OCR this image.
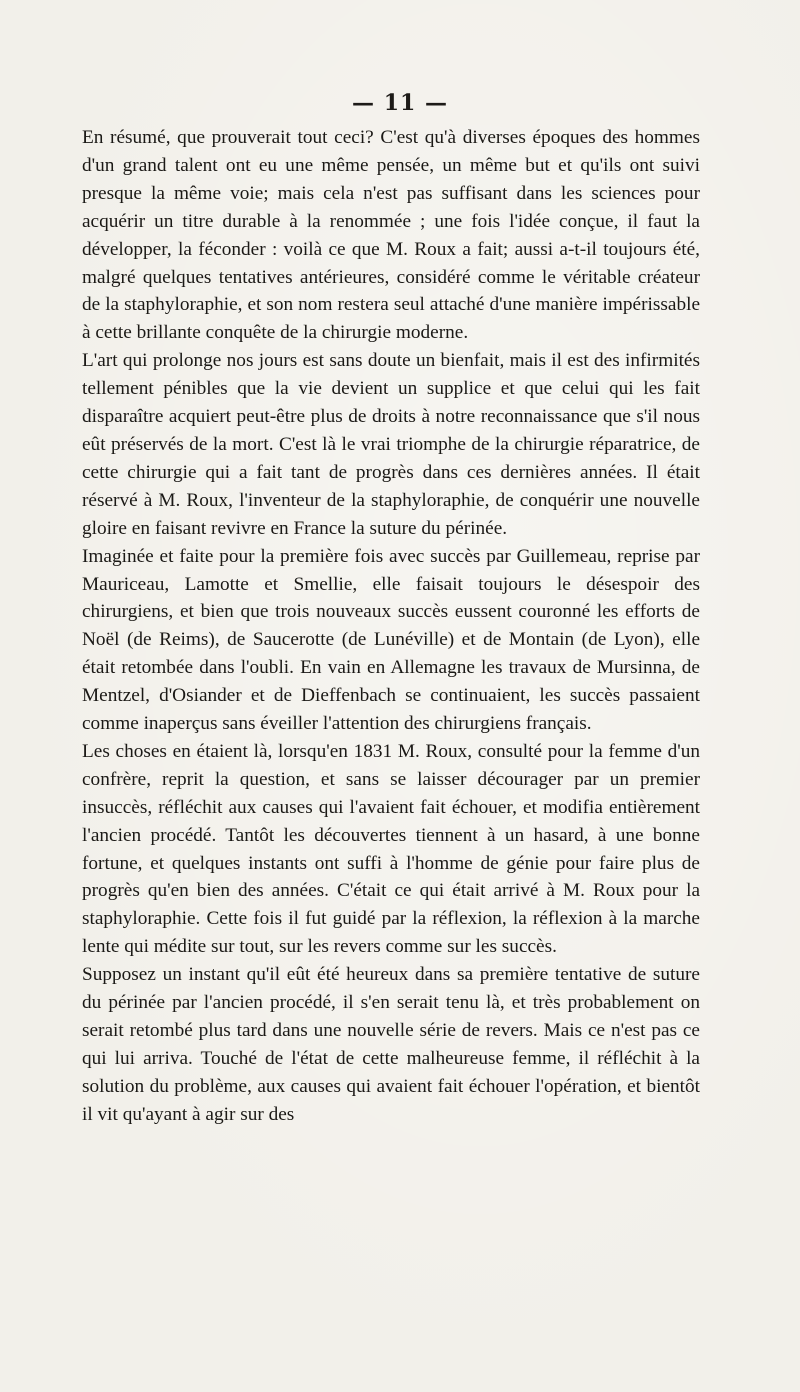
— 11 —

En résumé, que prouverait tout ceci? C'est qu'à diverses époques des hommes d'un grand talent ont eu une même pensée, un même but et qu'ils ont suivi presque la même voie; mais cela n'est pas suffisant dans les sciences pour acquérir un titre durable à la renommée ; une fois l'idée conçue, il faut la développer, la féconder : voilà ce que M. Roux a fait; aussi a-t-il toujours été, malgré quelques tentatives antérieures, considéré comme le véritable créateur de la staphyloraphie, et son nom restera seul attaché d'une manière impérissable à cette brillante conquête de la chirurgie moderne.

L'art qui prolonge nos jours est sans doute un bienfait, mais il est des infirmités tellement pénibles que la vie devient un supplice et que celui qui les fait disparaître acquiert peut-être plus de droits à notre reconnaissance que s'il nous eût préservés de la mort. C'est là le vrai triomphe de la chirurgie réparatrice, de cette chirurgie qui a fait tant de progrès dans ces dernières années. Il était réservé à M. Roux, l'inventeur de la staphyloraphie, de conquérir une nouvelle gloire en faisant revivre en France la suture du périnée.

Imaginée et faite pour la première fois avec succès par Guillemeau, reprise par Mauriceau, Lamotte et Smellie, elle faisait toujours le désespoir des chirurgiens, et bien que trois nouveaux succès eussent couronné les efforts de Noël (de Reims), de Saucerotte (de Lunéville) et de Montain (de Lyon), elle était retombée dans l'oubli. En vain en Allemagne les travaux de Mursinna, de Mentzel, d'Osiander et de Dieffenbach se continuaient, les succès passaient comme inaperçus sans éveiller l'attention des chirurgiens français.

Les choses en étaient là, lorsqu'en 1831 M. Roux, consulté pour la femme d'un confrère, reprit la question, et sans se laisser décourager par un premier insuccès, réfléchit aux causes qui l'avaient fait échouer, et modifia entièrement l'ancien procédé. Tantôt les découvertes tiennent à un hasard, à une bonne fortune, et quelques instants ont suffi à l'homme de génie pour faire plus de progrès qu'en bien des années. C'était ce qui était arrivé à M. Roux pour la staphyloraphie. Cette fois il fut guidé par la réflexion, la réflexion à la marche lente qui médite sur tout, sur les revers comme sur les succès.

Supposez un instant qu'il eût été heureux dans sa première tentative de suture du périnée par l'ancien procédé, il s'en serait tenu là, et très probablement on serait retombé plus tard dans une nouvelle série de revers. Mais ce n'est pas ce qui lui arriva. Touché de l'état de cette malheureuse femme, il réfléchit à la solution du problème, aux causes qui avaient fait échouer l'opération, et bientôt il vit qu'ayant à agir sur des
